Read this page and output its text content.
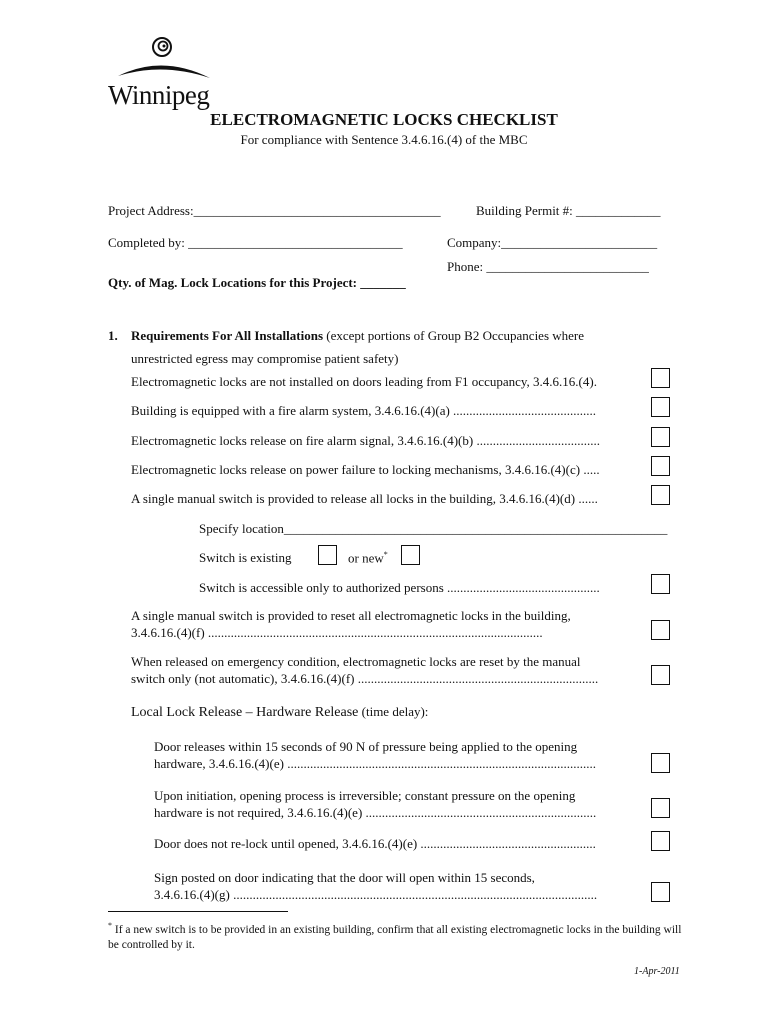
Winnipeg
ELECTROMAGNETIC LOCKS CHECKLIST
For compliance with Sentence 3.4.6.16.(4) of the MBC
Project Address:______________________________________	Building Permit #: _____________
Completed by: _________________________________	Company:________________________
Phone: _________________________
Qty. of Mag. Lock Locations for this Project: _______
1. Requirements For All Installations (except portions of Group B2 Occupancies where
unrestricted egress may compromise patient safety)
Electromagnetic locks are not installed on doors leading from F1 occupancy, 3.4.6.16.(4).
Building is equipped with a fire alarm system, 3.4.6.16.(4)(a) ............................................
Electromagnetic locks release on fire alarm signal, 3.4.6.16.(4)(b) ......................................
Electromagnetic locks release on power failure to locking mechanisms, 3.4.6.16.(4)(c) .....
A single manual switch is provided to release all locks in the building, 3.4.6.16.(4)(d) ......
Specify location___________________________________________________________
Switch is existing	or new*
Switch is accessible only to authorized persons ...............................................
A single manual switch is provided to reset all electromagnetic locks in the building,
3.4.6.16.(4)(f) .......................................................................................................
When released on emergency condition, electromagnetic locks are reset by the manual
switch only (not automatic), 3.4.6.16.(4)(f) ..........................................................................
Local Lock Release – Hardware Release (time delay):
Door releases within 15 seconds of 90 N of pressure being applied to the opening
hardware, 3.4.6.16.(4)(e) ...............................................................................................
Upon initiation, opening process is irreversible; constant pressure on the opening
hardware is not required, 3.4.6.16.(4)(e) .......................................................................
Door does not re-lock until opened, 3.4.6.16.(4)(e) ......................................................
Sign posted on door indicating that the door will open within 15 seconds,
3.4.6.16.(4)(g) ................................................................................................................
* If a new switch is to be provided in an existing building, confirm that all existing electromagnetic locks in the building will be controlled by it.
1-Apr-2011
